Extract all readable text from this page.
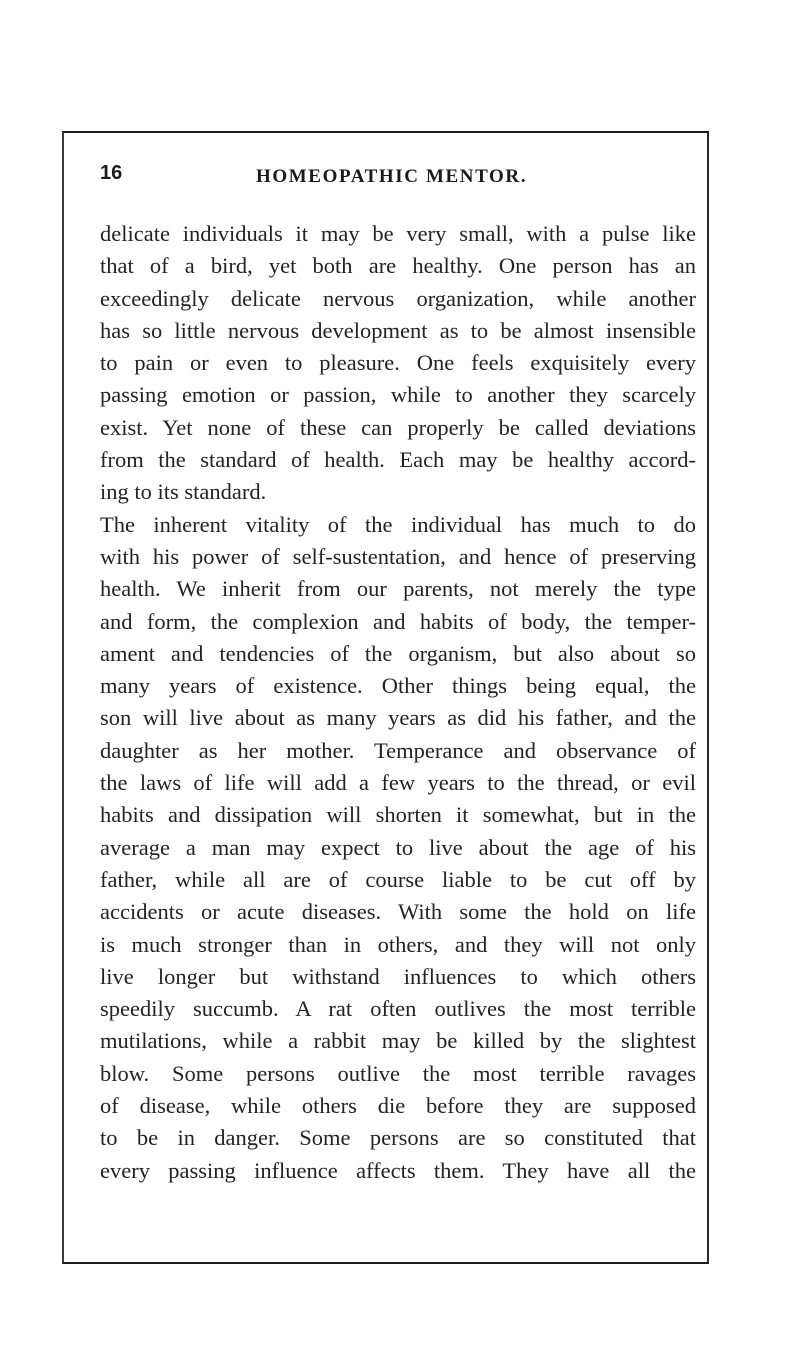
16	HOMEOPATHIC MENTOR.
delicate individuals it may be very small, with a pulse like
that of a bird, yet both are healthy. One person has an
exceedingly delicate nervous organization, while another
has so little nervous development as to be almost insensible
to pain or even to pleasure. One feels exquisitely every
passing emotion or passion, while to another they scarcely
exist. Yet none of these can properly be called deviations
from the standard of health. Each may be healthy accord-
ing to its standard.
The inherent vitality of the individual has much to do
with his power of self-sustentation, and hence of preserving
health. We inherit from our parents, not merely the type
and form, the complexion and habits of body, the temper-
ament and tendencies of the organism, but also about so
many years of existence. Other things being equal, the
son will live about as many years as did his father, and the
daughter as her mother. Temperance and observance of
the laws of life will add a few years to the thread, or evil
habits and dissipation will shorten it somewhat, but in the
average a man may expect to live about the age of his
father, while all are of course liable to be cut off by
accidents or acute diseases. With some the hold on life
is much stronger than in others, and they will not only
live longer but withstand influences to which others
speedily succumb. A rat often outlives the most terrible
mutilations, while a rabbit may be killed by the slightest
blow. Some persons outlive the most terrible ravages
of disease, while others die before they are supposed
to be in danger. Some persons are so constituted that
every passing influence affects them. They have all the
